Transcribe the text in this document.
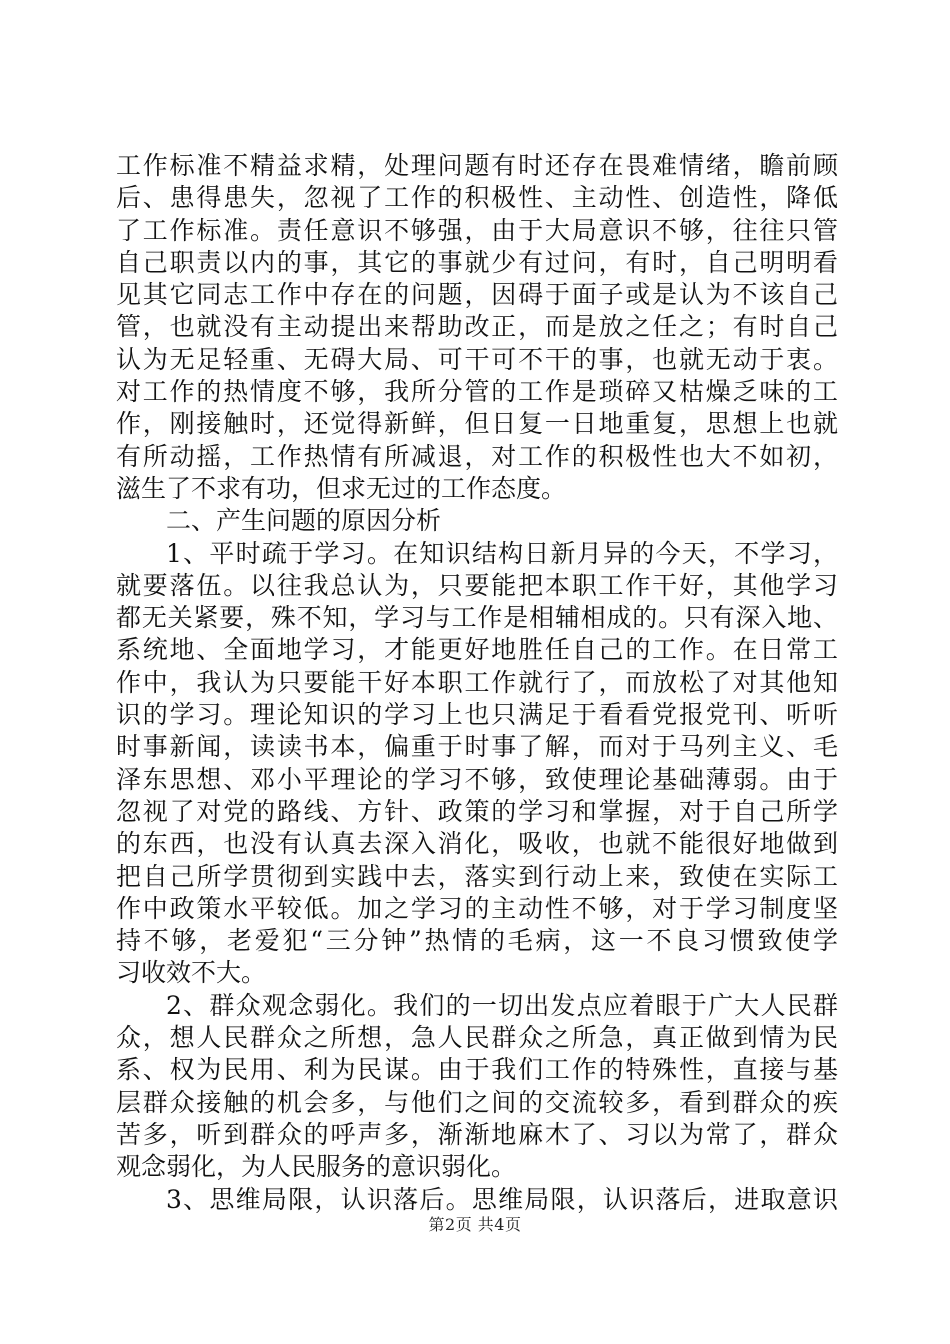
工作标准不精益求精，处理问题有时还存在畏难情绪，瞻前顾
后、患得患失，忽视了工作的积极性、主动性、创造性，降低
了工作标准。责任意识不够强，由于大局意识不够，往往只管
自己职责以内的事，其它的事就少有过问，有时，自己明明看
见其它同志工作中存在的问题，因碍于面子或是认为不该自己
管，也就没有主动提出来帮助改正，而是放之任之；有时自己
认为无足轻重、无碍大局、可干可不干的事，也就无动于衷。
对工作的热情度不够，我所分管的工作是琐碎又枯燥乏味的工
作，刚接触时，还觉得新鲜，但日复一日地重复，思想上也就
有所动摇，工作热情有所减退，对工作的积极性也大不如初，
滋生了不求有功，但求无过的工作态度。
二、产生问题的原因分析
1、平时疏于学习。在知识结构日新月异的今天，不学习，
就要落伍。以往我总认为，只要能把本职工作干好，其他学习
都无关紧要，殊不知，学习与工作是相辅相成的。只有深入地、
系统地、全面地学习，才能更好地胜任自己的工作。在日常工
作中，我认为只要能干好本职工作就行了，而放松了对其他知
识的学习。理论知识的学习上也只满足于看看党报党刊、听听
时事新闻，读读书本，偏重于时事了解，而对于马列主义、毛
泽东思想、邓小平理论的学习不够，致使理论基础薄弱。由于
忽视了对党的路线、方针、政策的学习和掌握，对于自己所学
的东西，也没有认真去深入消化，吸收，也就不能很好地做到
把自己所学贯彻到实践中去，落实到行动上来，致使在实际工
作中政策水平较低。加之学习的主动性不够，对于学习制度坚
持不够，老爱犯“三分钟”热情的毛病，这一不良习惯致使学
习收效不大。
2、群众观念弱化。我们的一切出发点应着眼于广大人民群
众，想人民群众之所想，急人民群众之所急，真正做到情为民
系、权为民用、利为民谋。由于我们工作的特殊性，直接与基
层群众接触的机会多，与他们之间的交流较多，看到群众的疾
苦多，听到群众的呼声多，渐渐地麻木了、习以为常了，群众
观念弱化，为人民服务的意识弱化。
3、思维局限，认识落后。思维局限，认识落后，进取意识
第2页 共4页
